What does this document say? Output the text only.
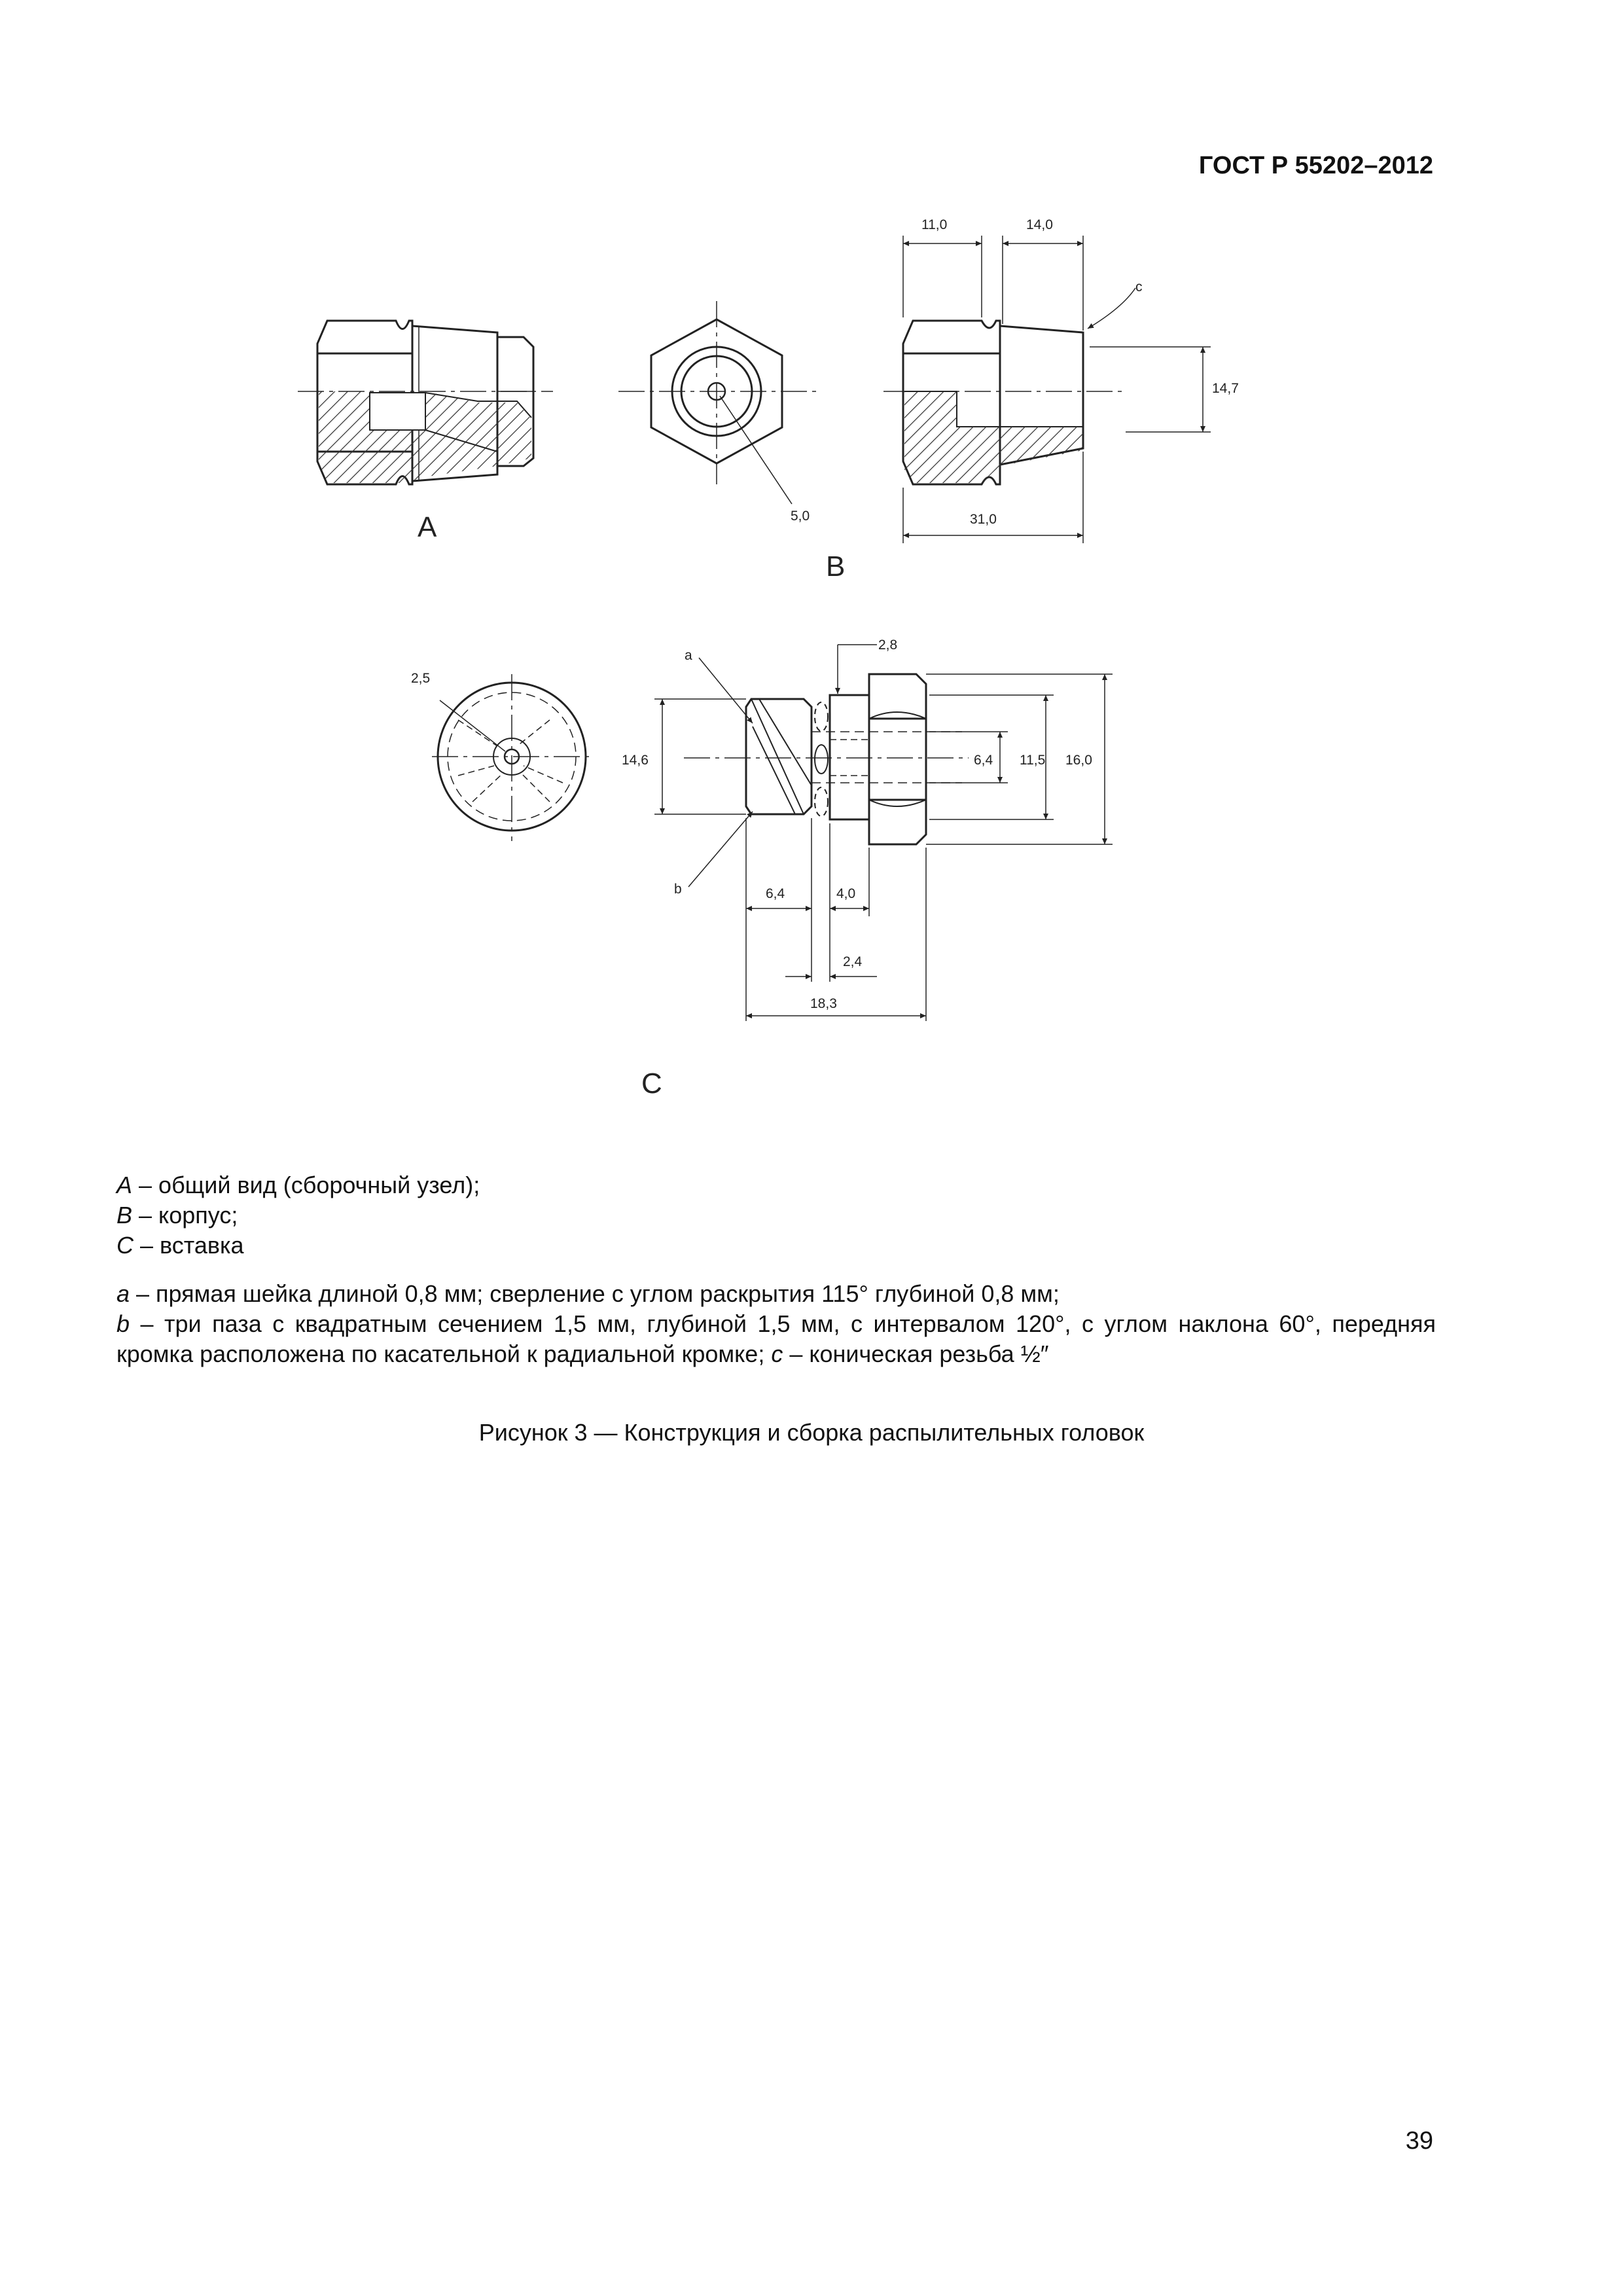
ГОСТ Р 55202–2012
A	5,0
B
11,0	14,0
c
14,7
31,0
2,5
a
b
2,8
14,6	6,4 11,5 16,0
6,4	4,0
2,4
18,3
C
A – общий вид (сборочный узел);
B – корпус;
C – вставка
a – прямая шейка длиной 0,8 мм; сверление с углом раскрытия 115° глубиной 0,8 мм;
b – три паза с квадратным сечением 1,5 мм, глубиной 1,5 мм, с интервалом 120°, с углом наклона 60°, передняя кромка расположена по касательной к радиальной кромке; c – коническая резьба ½″
Рисунок 3 — Конструкция и сборка распылительных головок
39
